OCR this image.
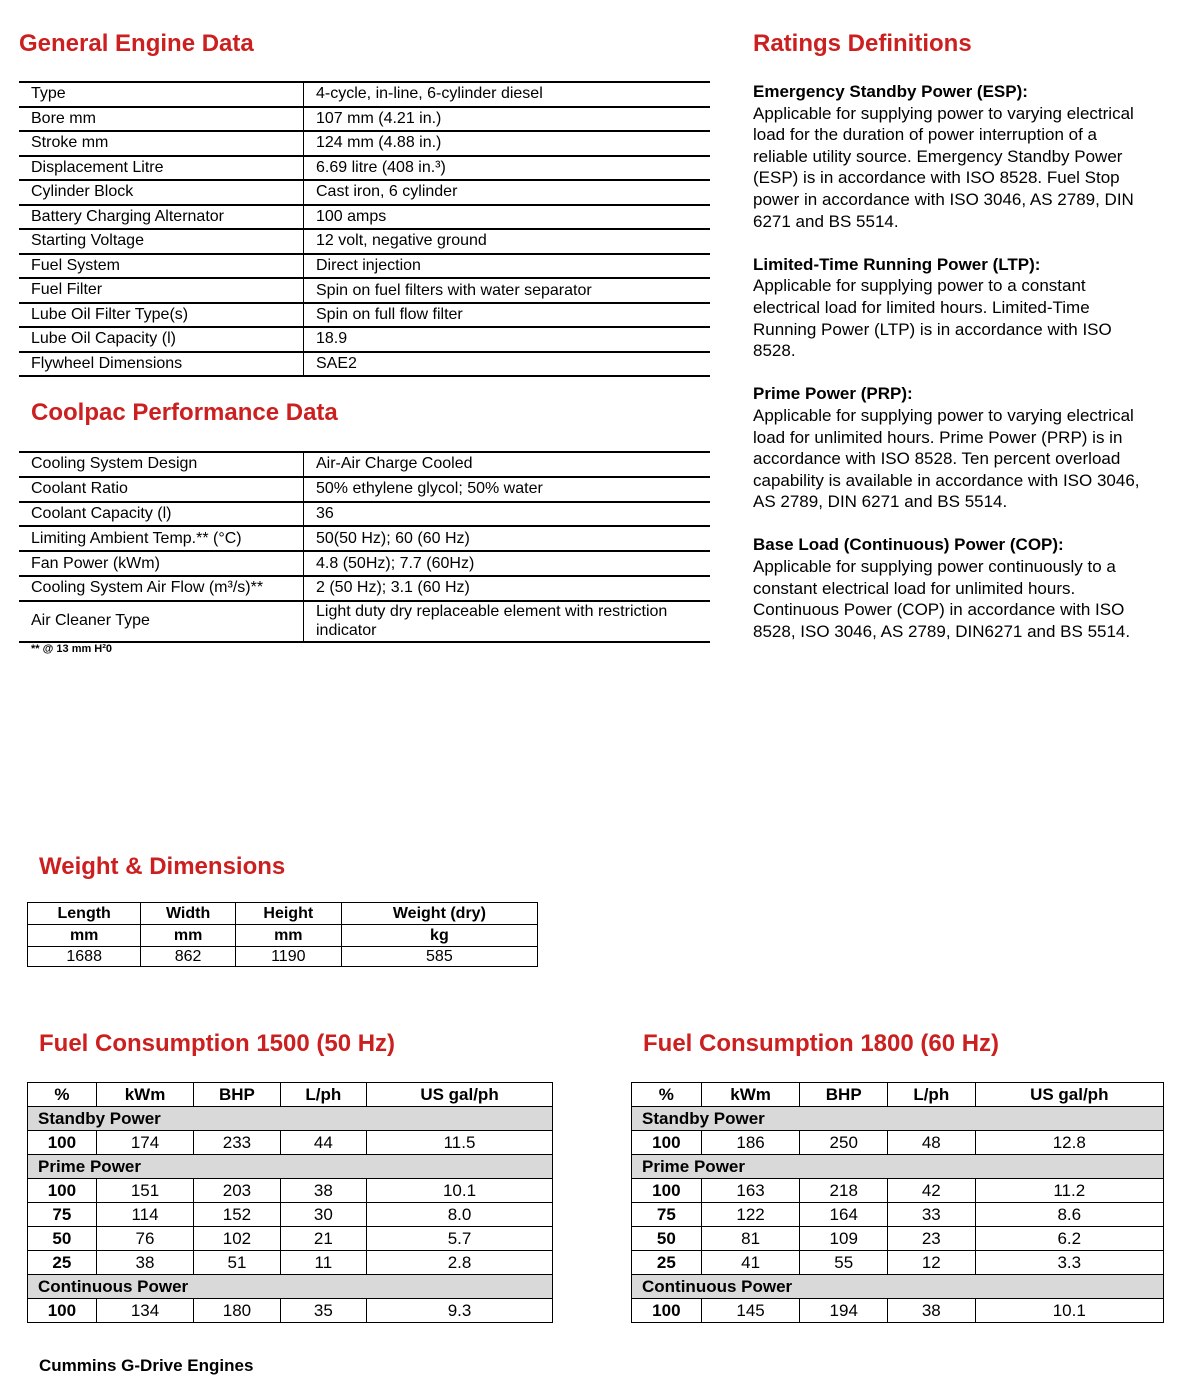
General Engine Data
Type	4-cycle, in-line, 6-cylinder diesel
Bore mm	107 mm (4.21 in.)
Stroke mm	124 mm (4.88 in.)
Displacement Litre	6.69 litre (408 in.³)
Cylinder Block	Cast iron, 6 cylinder
Battery Charging Alternator	100 amps
Starting Voltage	12 volt, negative ground
Fuel System	Direct injection
Fuel Filter	Spin on fuel filters with water separator
Lube Oil Filter Type(s)	Spin on full flow filter
Lube Oil Capacity (l)	18.9
Flywheel Dimensions	SAE2
Coolpac Performance Data
Cooling System Design	Air-Air Charge Cooled
Coolant Ratio	50% ethylene glycol; 50% water
Coolant Capacity (l)	36
Limiting Ambient Temp.** (°C)	50(50 Hz); 60 (60 Hz)
Fan Power (kWm)	4.8 (50Hz); 7.7 (60Hz)
Cooling System Air Flow (m³/s)**	2 (50 Hz); 3.1 (60 Hz)
Air Cleaner Type	Light duty dry replaceable element with restriction indicator
** @ 13 mm H²0
Ratings Definitions

Emergency Standby Power (ESP):
Applicable for supplying power to varying electrical load for the duration of power interruption of a reliable utility source. Emergency Standby Power (ESP) is in accordance with ISO 8528. Fuel Stop power in accordance with ISO 3046, AS 2789, DIN 6271 and BS 5514.

Limited-Time Running Power (LTP):
Applicable for supplying power to a constant electrical load for limited hours. Limited-Time Running Power (LTP) is in accordance with ISO 8528.

Prime Power (PRP):
Applicable for supplying power to varying electrical load for unlimited hours. Prime Power (PRP) is in accordance with ISO 8528. Ten percent overload capability is available in accordance with ISO 3046, AS 2789, DIN 6271 and BS 5514.

Base Load (Continuous) Power (COP):
Applicable for supplying power continuously to a constant electrical load for unlimited hours. Continuous Power (COP) in accordance with ISO 8528, ISO 3046, AS 2789, DIN6271 and BS 5514.

Weight & Dimensions
Length	Width	Height	Weight (dry)
mm	mm	mm	kg
1688	862	1190	585
Fuel Consumption 1500 (50 Hz)
%	kWm	BHP	L/ph	US gal/ph
Standby Power				
100	174	233	44	11.5
Prime Power				
100	151	203	38	10.1
75	114	152	30	8.0
50	76	102	21	5.7
25	38	51	11	2.8
Continuous Power				
100	134	180	35	9.3
Fuel Consumption 1800 (60 Hz)
%	kWm	BHP	L/ph	US gal/ph
Standby Power				
100	186	250	48	12.8
Prime Power				
100	163	218	42	11.2
75	122	164	33	8.6
50	81	109	23	6.2
25	41	55	12	3.3
Continuous Power				
100	145	194	38	10.1
Cummins G-Drive Engines
